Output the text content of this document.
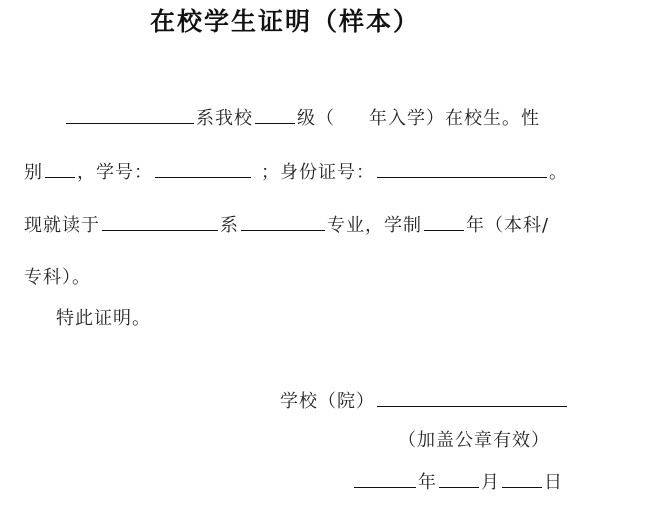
在校学生证明（样本）
系我校 级（ 年入学）在校生。性
别 ，学号：	；身份证号：	。
现就读于	系	专业，学制 年（本科/
专科）。
特此证明。
学校（院）
（加盖公章有效）
年 月 日
